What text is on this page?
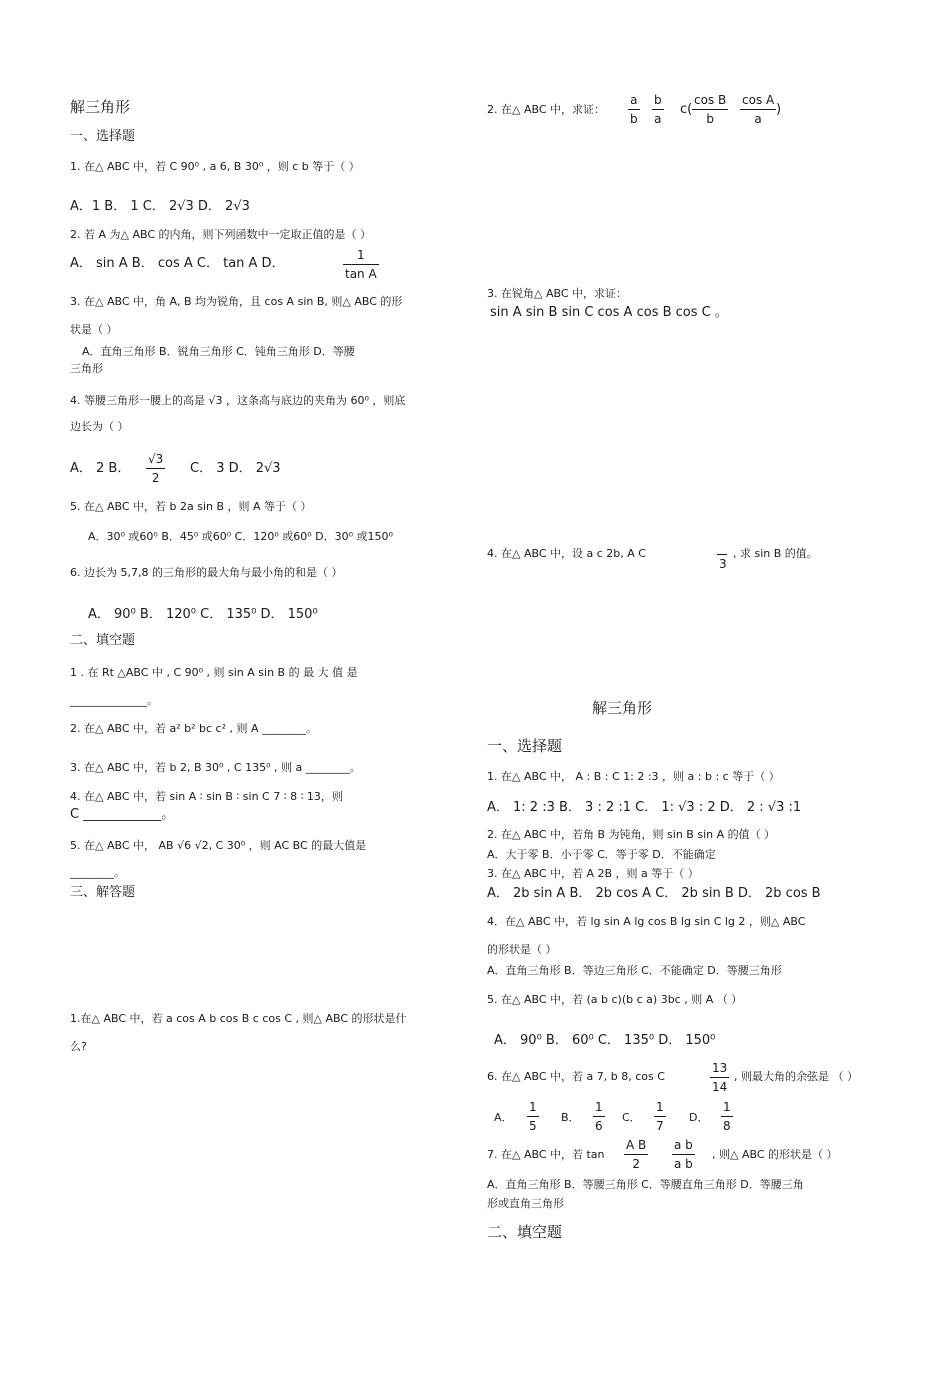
解三角形
一、选择题
1. 在△ ABC 中，若 C 90⁰ , a 6, B 30⁰ ，则 c b 等于（ ）
A．1 B． 1 C． 2√3 D． 2√3
2. 若 A 为△ ABC 的内角，则下列函数中一定取正值的是（ ）
A． sin A B． cos A C． tan A D．
1
tan A
3. 在△ ABC 中，角 A, B 均为锐角，且 cos A sin B, 则△ ABC 的形
状是（ ）
A．直角三角形 B．锐角三角形 C．钝角三角形 D．等腰
三角形
4. 等腰三角形一腰上的高是 √3 ，这条高与底边的夹角为 60⁰ ，则底
边长为（ ）
A． 2 B．
√3
2
C． 3 D． 2√3
5. 在△ ABC 中，若 b 2a sin B ，则 A 等于（ ）
A．30⁰ 或60⁰ B．45⁰ 或60⁰ C．120⁰ 或60⁰ D．30⁰ 或150⁰
6. 边长为 5,7,8 的三角形的最大角与最小角的和是（ ）
A． 90⁰ B． 120⁰ C． 135⁰ D． 150⁰
二、填空题
1 . 在 Rt △ABC 中 , C 90⁰ , 则 sin A sin B 的 最 大 值 是
______________。
2. 在△ ABC 中，若 a² b² bc c² , 则 A ________。
3. 在△ ABC 中，若 b 2, B 30⁰ , C 135⁰ , 则 a ________。
4. 在△ ABC 中，若 sin A ∶ sin B ∶ sin C 7 ∶ 8 ∶ 13，则
C ____________。
5. 在△ ABC 中， AB √6 √2, C 30⁰ ，则 AC BC 的最大值是
________。
三、解答题
1.在△ ABC 中，若 a cos A b cos B c cos C , 则△ ABC 的形状是什
么?
2. 在△ ABC 中，求证：
a
b
b
a
c(
cos B
b
cos A
a
)
3. 在锐角△ ABC 中，求证：
sin A sin B sin C cos A cos B cos C 。
4. 在△ ABC 中，设 a c 2b, A C
3
, 求 sin B 的值。
解三角形
一、选择题
1. 在△ ABC 中， A : B : C 1: 2 :3 ，则 a : b : c 等于（ ）
A． 1: 2 :3 B． 3 : 2 :1 C． 1: √3 : 2 D． 2 : √3 :1
2. 在△ ABC 中，若角 B 为钝角，则 sin B sin A 的值（ ）
A．大于零 B．小于零 C．等于零 D．不能确定
3. 在△ ABC 中，若 A 2B ，则 a 等于（ ）
A． 2b sin A B． 2b cos A C． 2b sin B D． 2b cos B
4．在△ ABC 中，若 lg sin A lg cos B lg sin C lg 2 ，则△ ABC
的形状是（ ）
A．直角三角形 B．等边三角形 C．不能确定 D．等腰三角形
5. 在△ ABC 中，若 (a b c)(b c a) 3bc , 则 A （ ）
A． 90⁰ B． 60⁰ C． 135⁰ D． 150⁰
6. 在△ ABC 中，若 a 7, b 8, cos C
13
14
, 则最大角的余弦是 （ ）
A．
1
5
B．
1
6
C．
1
7
D．
1
8
7. 在△ ABC 中，若 tan
A B
2
a b
a b
, 则△ ABC 的形状是（ ）
A．直角三角形 B．等腰三角形 C．等腰直角三角形 D．等腰三角
形或直角三角形
二、填空题
